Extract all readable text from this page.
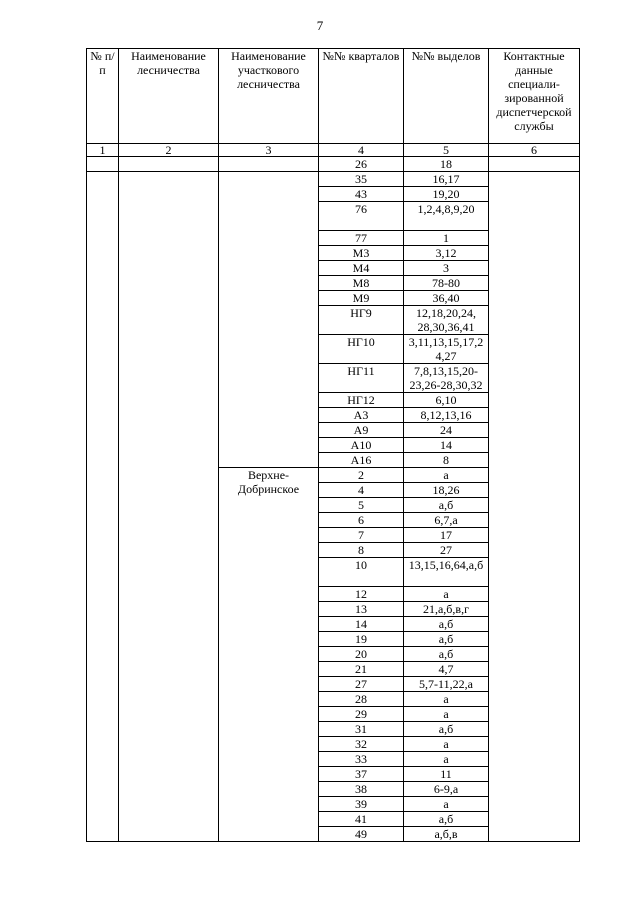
7
№ п/п	Наименование лесничества	Наименование участкового лесничества	№№ кварталов	№№ выделов	Контактные данные специали-зированной диспетчерской службы
1	2	3	4	5	6
			26	18	
			35	16,17	
			43	19,20	
			76	1,2,4,8,9,20	
			77	1	
			М3	3,12	
			М4	3	
			М8	78-80	
			М9	36,40	
			НГ9	12,18,20,24, 28,30,36,41	
			НГ10	3,11,13,15,17,2 4,27	
			НГ11	7,8,13,15,20- 23,26-28,30,32	
			НГ12	6,10	
			А3	8,12,13,16	
			А9	24	
			А10	14	
			А16	8	
		Верхне-Добринское	2	а	
			4	18,26	
			5	а,б	
			6	6,7,а	
			7	17	
			8	27	
			10	13,15,16,64,а,б	
			12	а	
			13	21,а,б,в,г	
			14	а,б	
			19	а,б	
			20	а,б	
			21	4,7	
			27	5,7-11,22,а	
			28	а	
			29	а	
			31	а,б	
			32	а	
			33	а	
			37	11	
			38	6-9,а	
			39	а	
			41	а,б	
			49	а,б,в	
